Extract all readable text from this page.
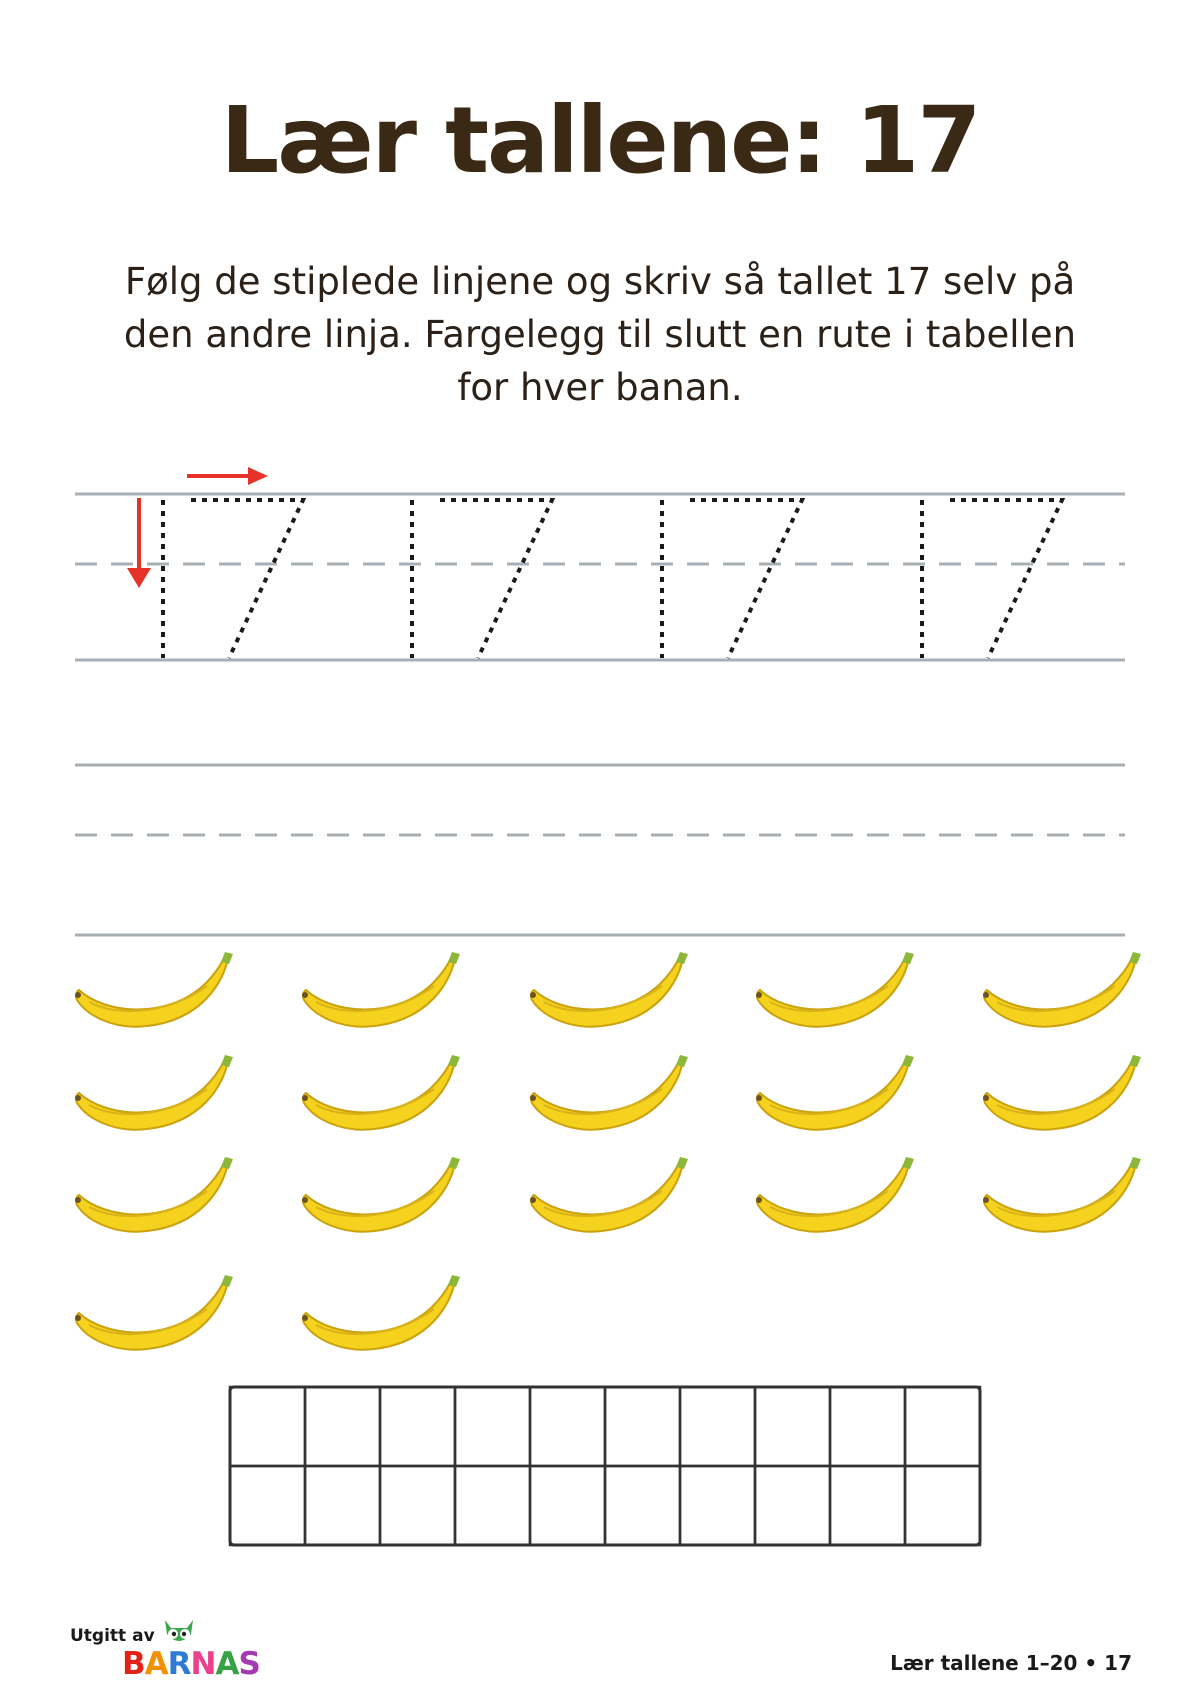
Lær tallene: 17
Følg de stiplede linjene og skriv så tallet 17 selv på
den andre linja. Fargelegg til slutt en rute i tabellen
for hver banan.
Utgitt av
BARNAS	Lær tallene 1–20 • 17
